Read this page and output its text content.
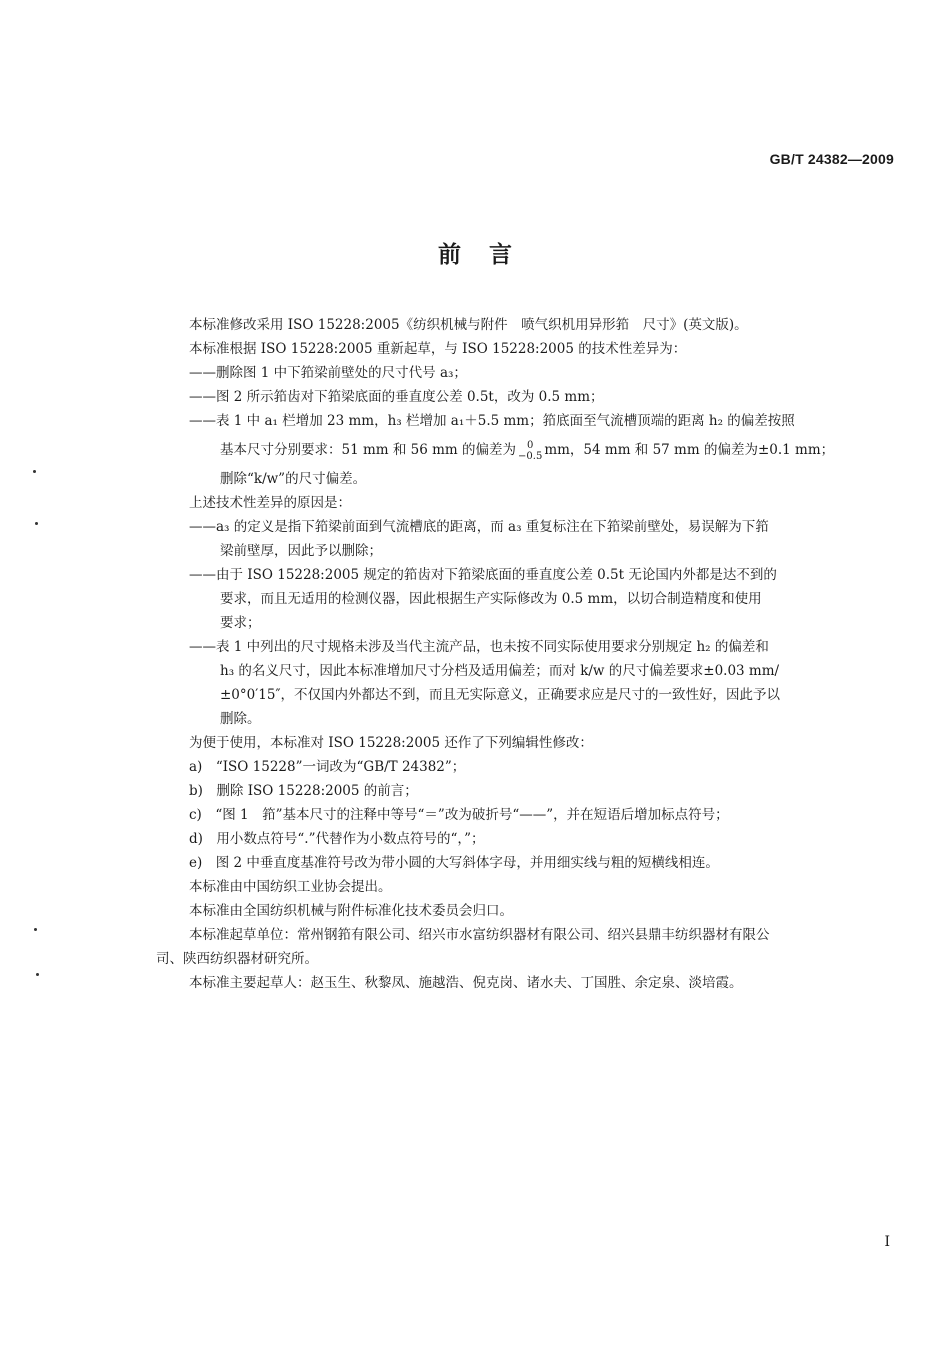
GB/T 24382—2009
前言

本标准修改采用 ISO 15228:2005《纺织机械与附件　喷气织机用异形筘　尺寸》(英文版)。

本标准根据 ISO 15228:2005 重新起草，与 ISO 15228:2005 的技术性差异为：

——删除图 1 中下筘梁前壁处的尺寸代号 a₃；

——图 2 所示筘齿对下筘梁底面的垂直度公差 0.5t，改为 0.5 mm；

——表 1 中 a₁ 栏增加 23 mm，h₃ 栏增加 a₁＋5.5 mm；筘底面至气流槽顶端的距离 h₂ 的偏差按照

基本尺寸分别要求：51 mm 和 56 mm 的偏差为	0
−0.5 mm，54 mm 和 57 mm 的偏差为±0.1 mm；

删除“k/w”的尺寸偏差。

上述技术性差异的原因是：

——a₃ 的定义是指下筘梁前面到气流槽底的距离，而 a₃ 重复标注在下筘梁前壁处，易误解为下筘

梁前壁厚，因此予以删除；

——由于 ISO 15228:2005 规定的筘齿对下筘梁底面的垂直度公差 0.5t 无论国内外都是达不到的

要求，而且无适用的检测仪器，因此根据生产实际修改为 0.5 mm，以切合制造精度和使用

要求；

——表 1 中列出的尺寸规格未涉及当代主流产品，也未按不同实际使用要求分别规定 h₂ 的偏差和

h₃ 的名义尺寸，因此本标准增加尺寸分档及适用偏差；而对 k/w 的尺寸偏差要求±0.03 mm/

±0°0′15″，不仅国内外都达不到，而且无实际意义，正确要求应是尺寸的一致性好，因此予以

删除。

为便于使用，本标准对 ISO 15228:2005 还作了下列编辑性修改：

a)　“ISO 15228”一词改为“GB/T 24382”；

b)　删除 ISO 15228:2005 的前言；

c)　“图 1　筘”基本尺寸的注释中等号“＝”改为破折号“——”，并在短语后增加标点符号；

d)　用小数点符号“.”代替作为小数点符号的“，”；

e)　图 2 中垂直度基准符号改为带小圆的大写斜体字母，并用细实线与粗的短横线相连。

本标准由中国纺织工业协会提出。

本标准由全国纺织机械与附件标准化技术委员会归口。

本标准起草单位：常州钢筘有限公司、绍兴市水富纺织器材有限公司、绍兴县鼎丰纺织器材有限公

司、陕西纺织器材研究所。

本标准主要起草人：赵玉生、秋黎凤、施越浩、倪克岗、诸水夫、丁国胜、余定泉、淡培霞。

I
